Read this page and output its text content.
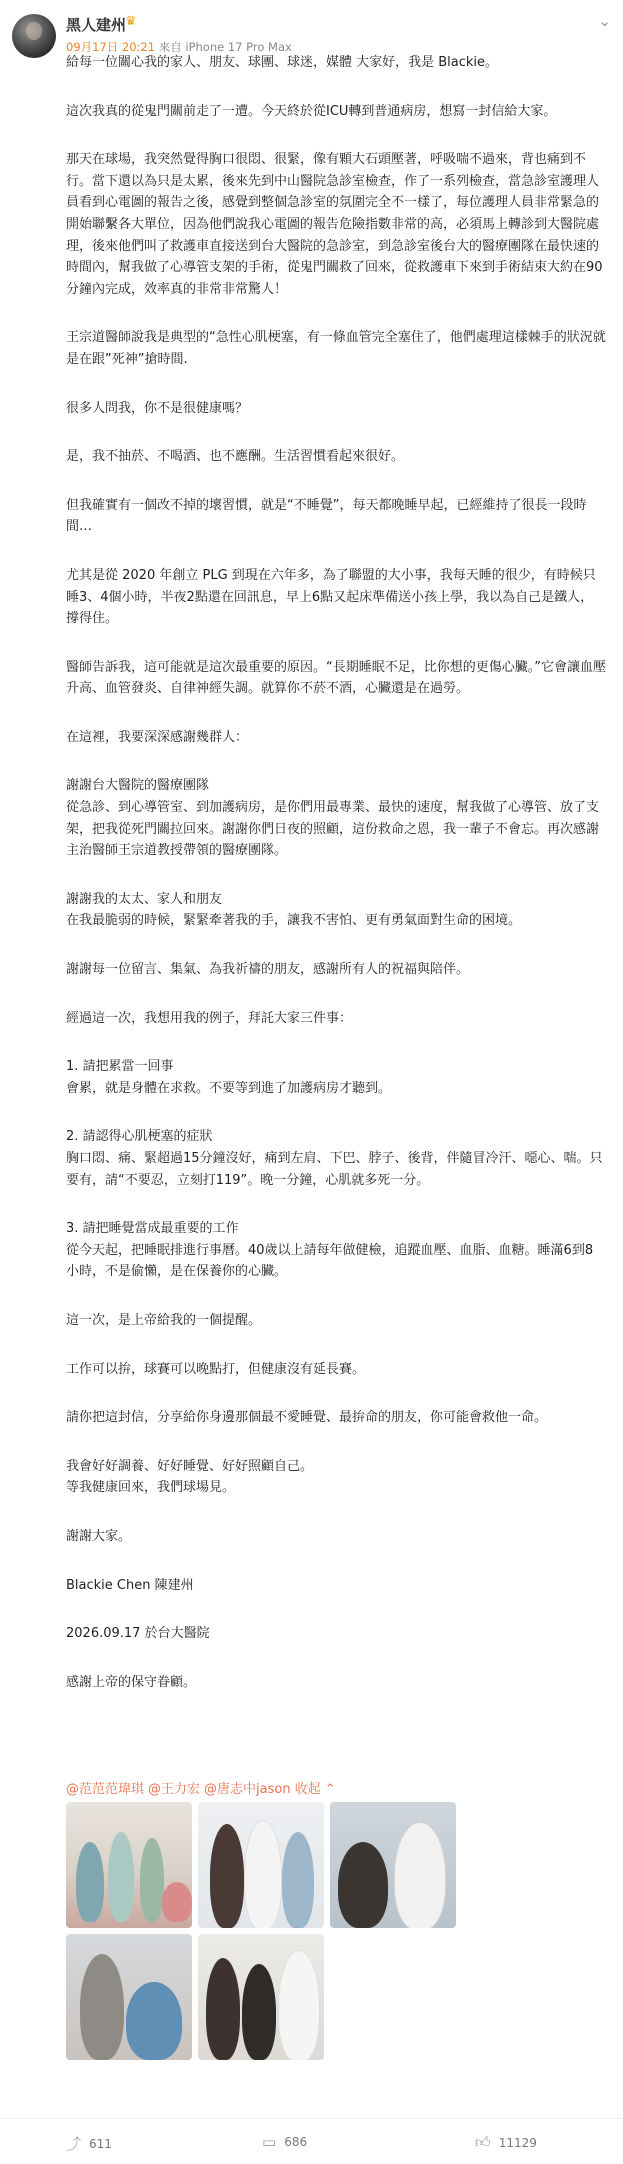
黑人建州
♛
09月17日 20:21 來自 iPhone 17 Pro Max
⌄

給每一位關心我的家人、朋友、球團、球迷，媒體 大家好，我是 Blackie。

這次我真的從鬼門關前走了一遭。今天終於從ICU轉到普通病房，想寫一封信給大家。

那天在球場，我突然覺得胸口很悶、很緊，像有顆大石頭壓著，呼吸喘不過來，背也痛到不行。當下還以為只是太累，後來先到中山醫院急診室檢查，作了一系列檢查，當急診室護理人員看到心電圖的報告之後，感覺到整個急診室的氛圍完全不一樣了，每位護理人員非常緊急的開始聯繫各大單位，因為他們說我心電圖的報告危險指數非常的高，必須馬上轉診到大醫院處理，後來他們叫了救護車直接送到台大醫院的急診室，到急診室後台大的醫療團隊在最快速的時間內，幫我做了心導管支架的手術，從鬼門關救了回來，從救護車下來到手術結束大約在90分鐘內完成，效率真的非常非常驚人！

王宗道醫師說我是典型的“急性心肌梗塞，有一條血管完全塞住了，他們處理這樣棘手的狀況就是在跟”死神”搶時間.

很多人問我，你不是很健康嗎？

是，我不抽菸、不喝酒、也不應酬。生活習慣看起來很好。

但我確實有一個改不掉的壞習慣，就是“不睡覺”，每天都晚睡早起，已經維持了很長一段時間…

尤其是從 2020 年創立 PLG 到現在六年多，為了聯盟的大小事，我每天睡的很少，有時候只睡3、4個小時，半夜2點還在回訊息，早上6點又起床準備送小孩上學，我以為自己是鐵人，撐得住。

醫師告訴我，這可能就是這次最重要的原因。“長期睡眠不足，比你想的更傷心臟。”它會讓血壓升高、血管發炎、自律神經失調。就算你不菸不酒，心臟還是在過勞。

在這裡，我要深深感謝幾群人：

謝謝台大醫院的醫療團隊
從急診、到心導管室、到加護病房，是你們用最專業、最快的速度，幫我做了心導管、放了支架，把我從死門關拉回來。謝謝你們日夜的照顧，這份救命之恩，我一輩子不會忘。再次感謝主治醫師王宗道教授帶領的醫療團隊。

謝謝我的太太、家人和朋友
在我最脆弱的時候，緊緊牽著我的手，讓我不害怕、更有勇氣面對生命的困境。

謝謝每一位留言、集氣、為我祈禱的朋友，感謝所有人的祝福與陪伴。

經過這一次，我想用我的例子，拜託大家三件事：

1. 請把累當一回事
會累，就是身體在求救。不要等到進了加護病房才聽到。

2. 請認得心肌梗塞的症狀
胸口悶、痛、緊超過15分鐘沒好，痛到左肩、下巴、脖子、後背，伴隨冒冷汗、噁心、喘。只要有，請“不要忍，立刻打119”。晚一分鐘，心肌就多死一分。

3. 請把睡覺當成最重要的工作
從今天起，把睡眠排進行事曆。40歲以上請每年做健檢，追蹤血壓、血脂、血糖。睡滿6到8小時，不是偷懶，是在保養你的心臟。

這一次，是上帝給我的一個提醒。

工作可以拚，球賽可以晚點打，但健康沒有延長賽。

請你把這封信，分享給你身邊那個最不愛睡覺、最拚命的朋友，你可能會救他一命。

我會好好調養、好好睡覺、好好照顧自己。
等我健康回來，我們球場見。

謝謝大家。

Blackie Chen 陳建州

2026.09.17 於台大醫院

感謝上帝的保守眷顧。

@范范范瑋琪 @王力宏 @唐志中jason 收起 ⌃
⤴ 611	▭ 686	👍︎ 11129
